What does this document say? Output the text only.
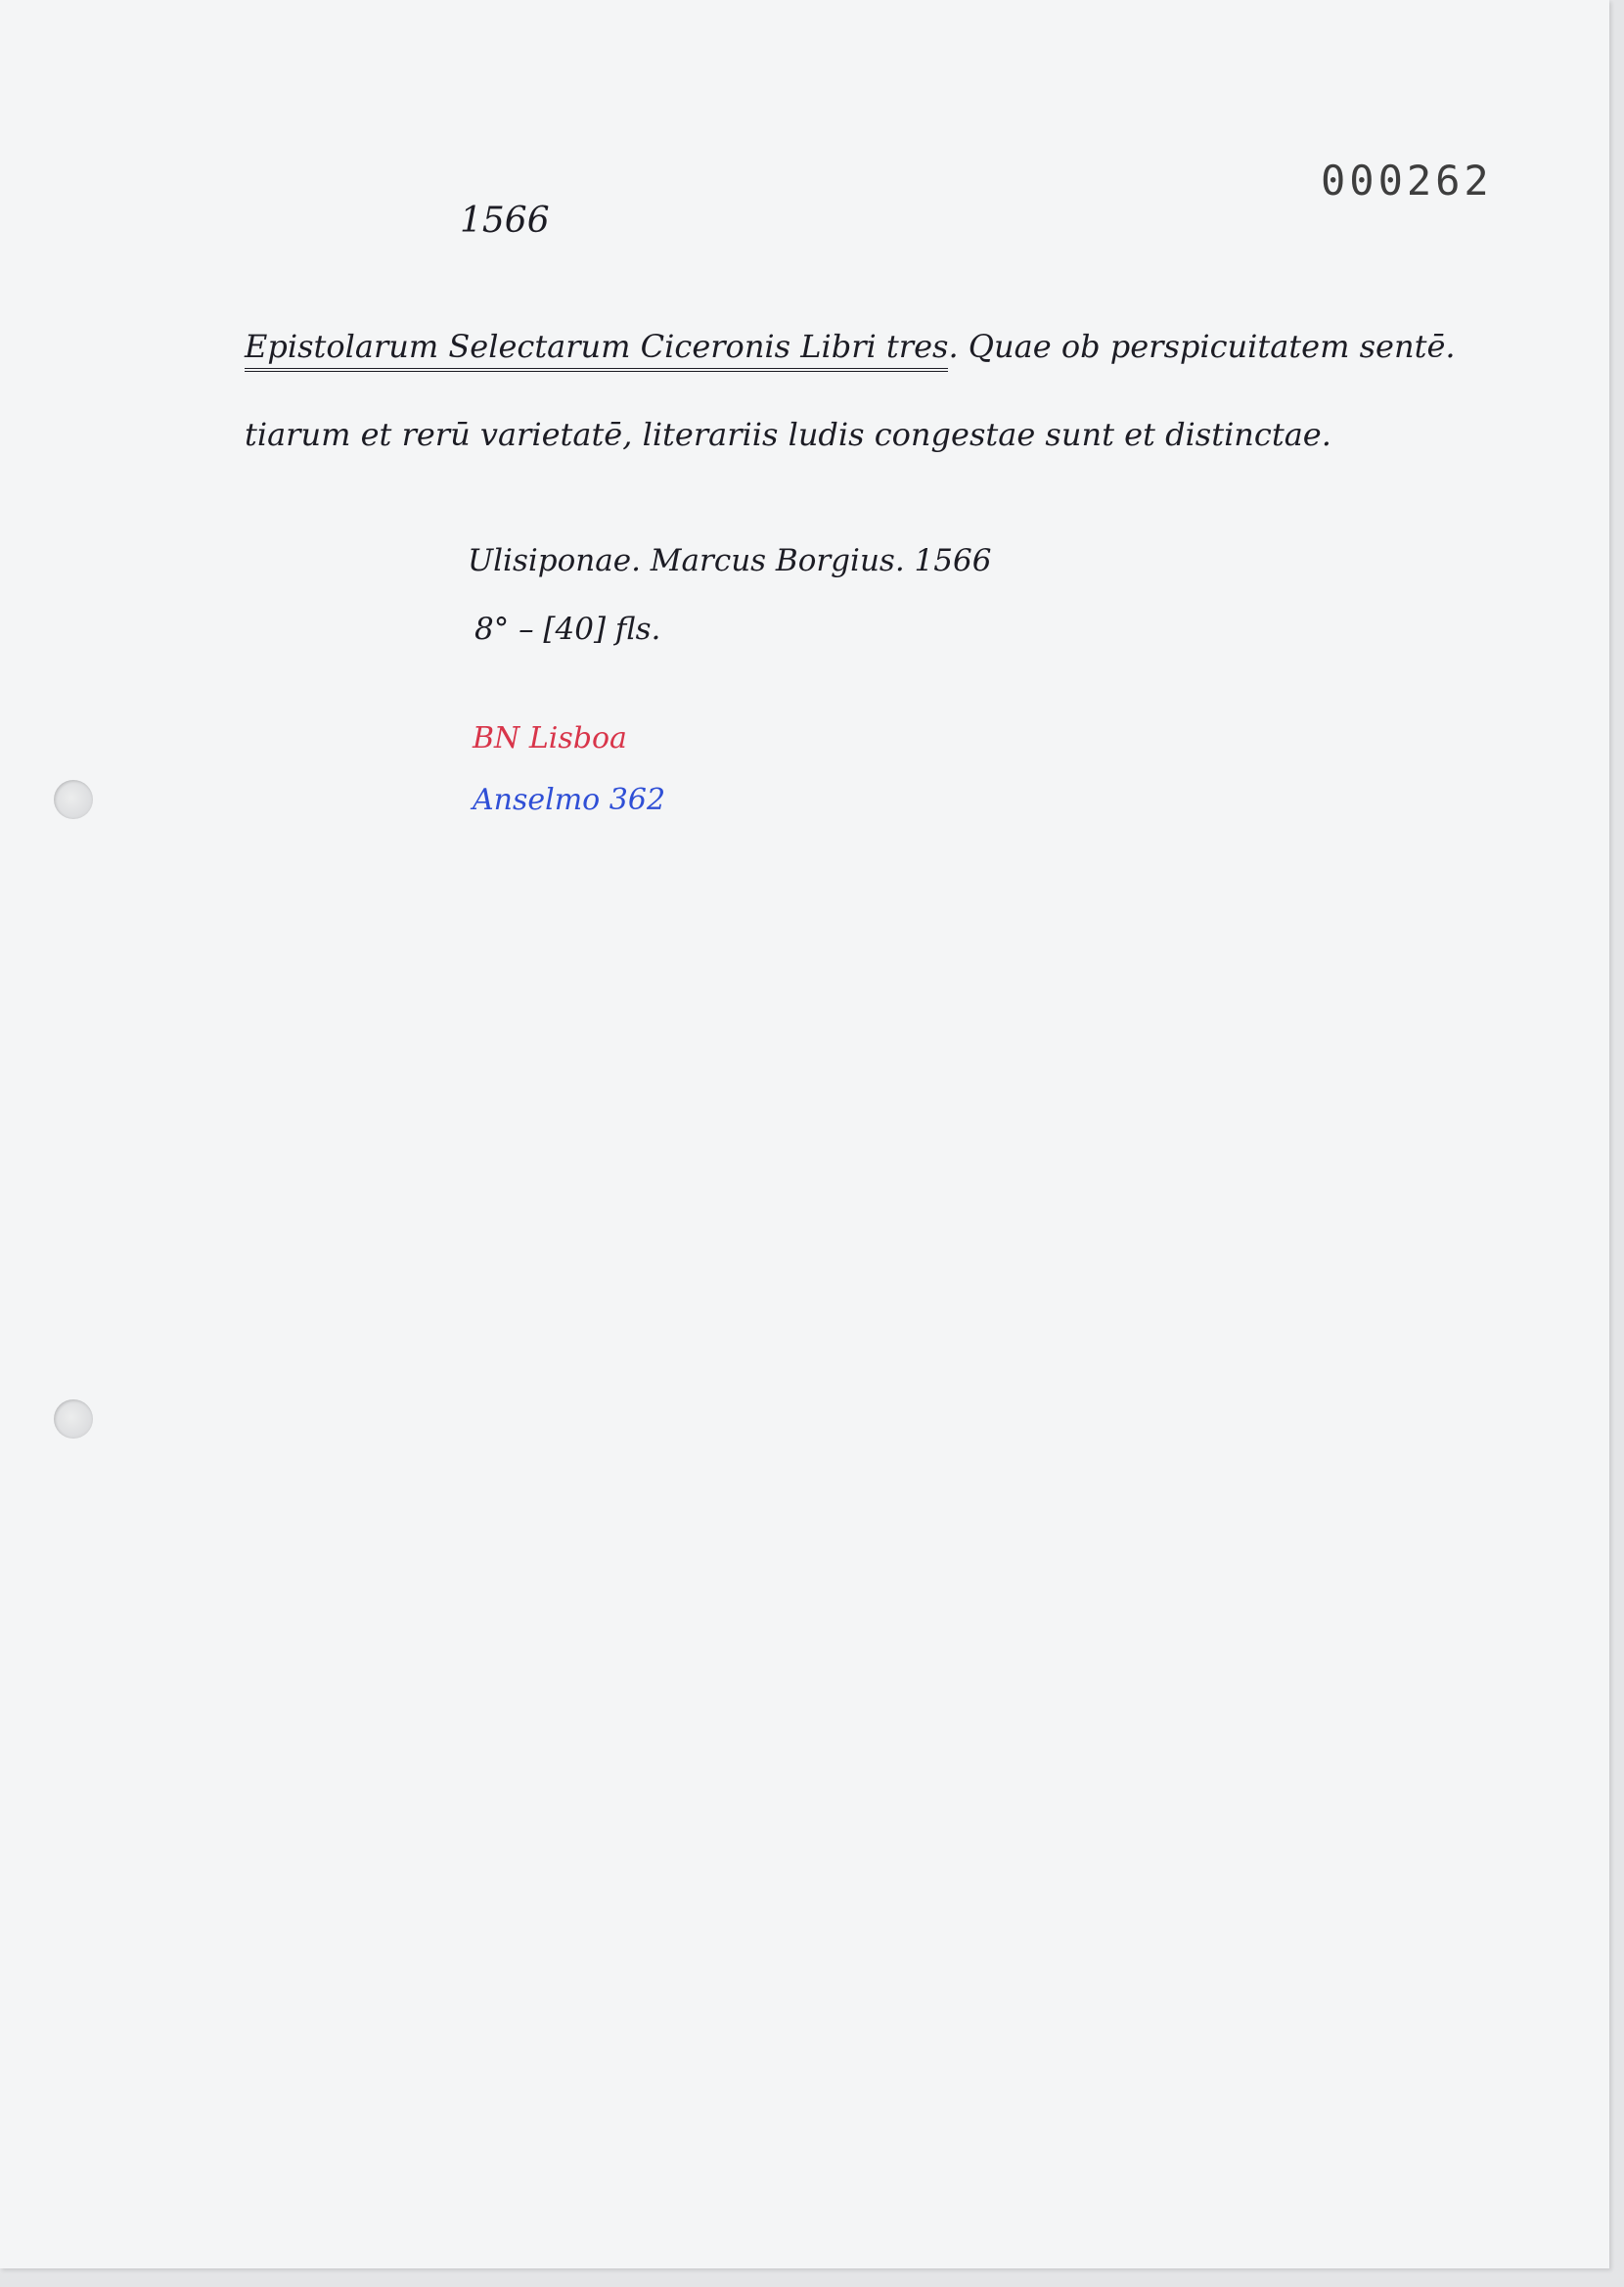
000262
1566
Epistolarum Selectarum Ciceronis Libri tres. Quae ob perspicuitatem sentē.
tiarum et rerū varietatē, literariis ludis congestae sunt et distinctae.
Ulisiponae. Marcus Borgius. 1566
8° – [40] fls.
BN Lisboa
Anselmo 362
